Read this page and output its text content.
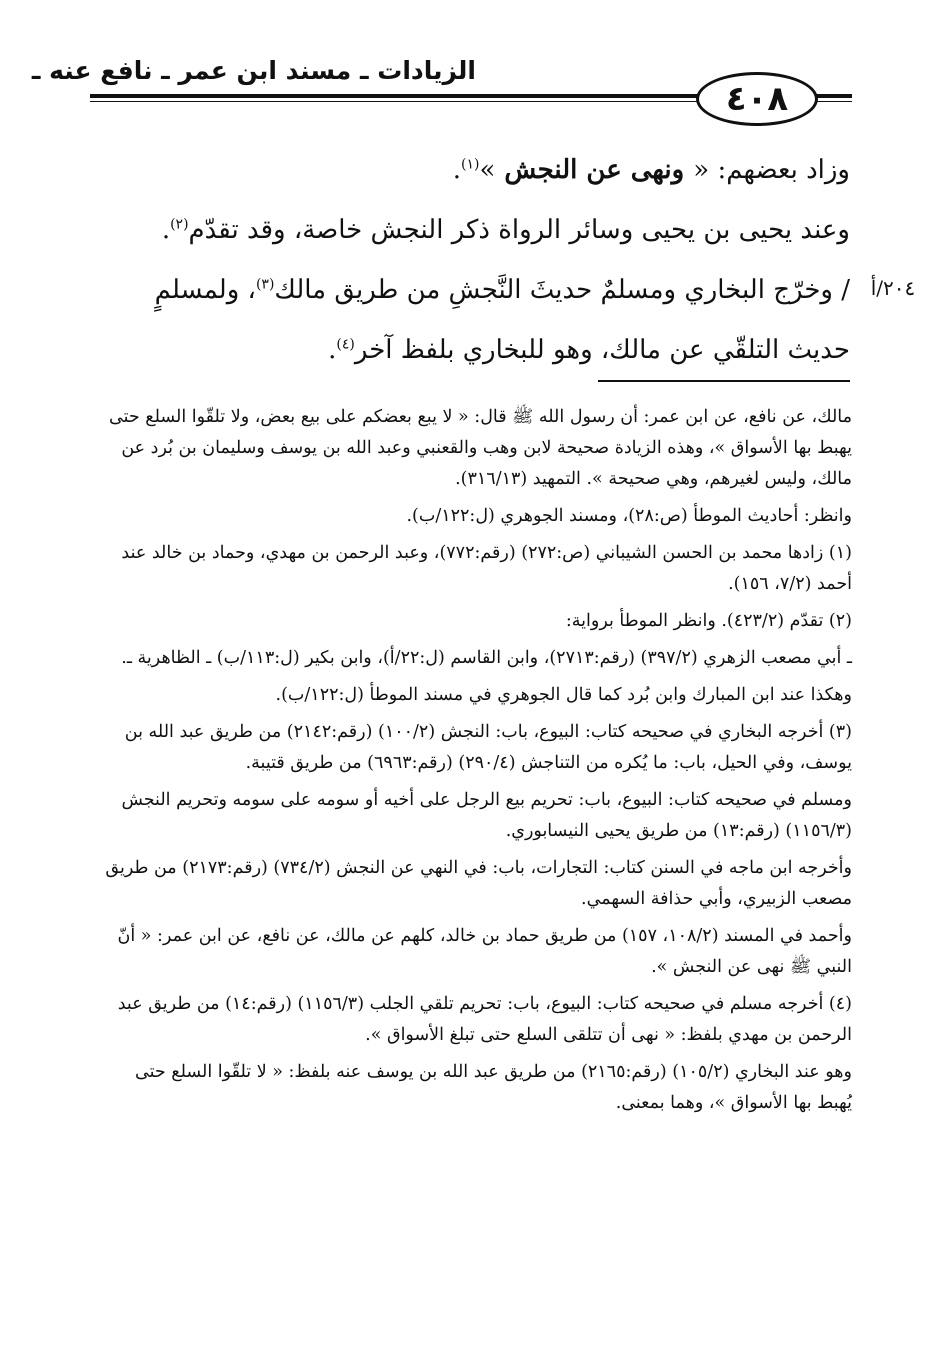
الزيادات ـ مسند ابن عمر ـ نافع عنه ـ
٤٠٨
٢٠٤/أ

وزاد بعضهم: « ونهى عن النجش »$^{(١)}$.

وعند يحيى بن يحيى وسائر الرواة ذكر النجش خاصة، وقد تقدّم$^{(٢)}$.

/ وخرّج البخاري ومسلمٌ حديثَ النَّجشِ من طريق مالك$^{(٣)}$، ولمسلمٍ حديث التلقّي عن مالك، وهو للبخاري بلفظ آخر$^{(٤)}$.

مالك، عن نافع، عن ابن عمر: أن رسول الله ﷺ قال: « لا يبع بعضكم على بيع بعض، ولا تلقّوا السلع حتى يهبط بها الأسواق »، وهذه الزيادة صحيحة لابن وهب والقعنبي وعبد الله بن يوسف وسليمان بن بُرد عن مالك، وليس لغيرهم، وهي صحيحة ». التمهيد (٣١٦/١٣).

وانظر: أحاديث الموطأ (ص:٢٨)، ومسند الجوهري (ل:١٢٢/ب).

(١) زادها محمد بن الحسن الشيباني (ص:٢٧٢) (رقم:٧٧٢)، وعبد الرحمن بن مهدي، وحماد بن خالد عند أحمد (٧/٢، ١٥٦).

(٢) تقدّم (٤٢٣/٢). وانظر الموطأ برواية:

ـ أبي مصعب الزهري (٣٩٧/٢) (رقم:٢٧١٣)، وابن القاسم (ل:٢٢/أ)، وابن بكير (ل:١١٣/ب) ـ الظاهرية ـ.

وهكذا عند ابن المبارك وابن بُرد كما قال الجوهري في مسند الموطأ (ل:١٢٢/ب).

(٣) أخرجه البخاري في صحيحه كتاب: البيوع، باب: النجش (١٠٠/٢) (رقم:٢١٤٢) من طريق عبد الله بن يوسف، وفي الحيل، باب: ما يُكره من التناجش (٢٩٠/٤) (رقم:٦٩٦٣) من طريق قتيبة.

ومسلم في صحيحه كتاب: البيوع، باب: تحريم بيع الرجل على أخيه أو سومه على سومه وتحريم النجش (١١٥٦/٣) (رقم:١٣) من طريق يحيى النيسابوري.

وأخرجه ابن ماجه في السنن كتاب: التجارات، باب: في النهي عن النجش (٧٣٤/٢) (رقم:٢١٧٣) من طريق مصعب الزبيري، وأبي حذافة السهمي.

وأحمد في المسند (١٠٨/٢، ١٥٧) من طريق حماد بن خالد، كلهم عن مالك، عن نافع، عن ابن عمر: « أنّ النبي ﷺ نهى عن النجش ».

(٤) أخرجه مسلم في صحيحه كتاب: البيوع، باب: تحريم تلقي الجلب (١١٥٦/٣) (رقم:١٤) من طريق عبد الرحمن بن مهدي بلفظ: « نهى أن تتلقى السلع حتى تبلغ الأسواق ».

وهو عند البخاري (١٠٥/٢) (رقم:٢١٦٥) من طريق عبد الله بن يوسف عنه بلفظ: « لا تلقّوا السلع حتى يُهبط بها الأسواق »، وهما بمعنى.
